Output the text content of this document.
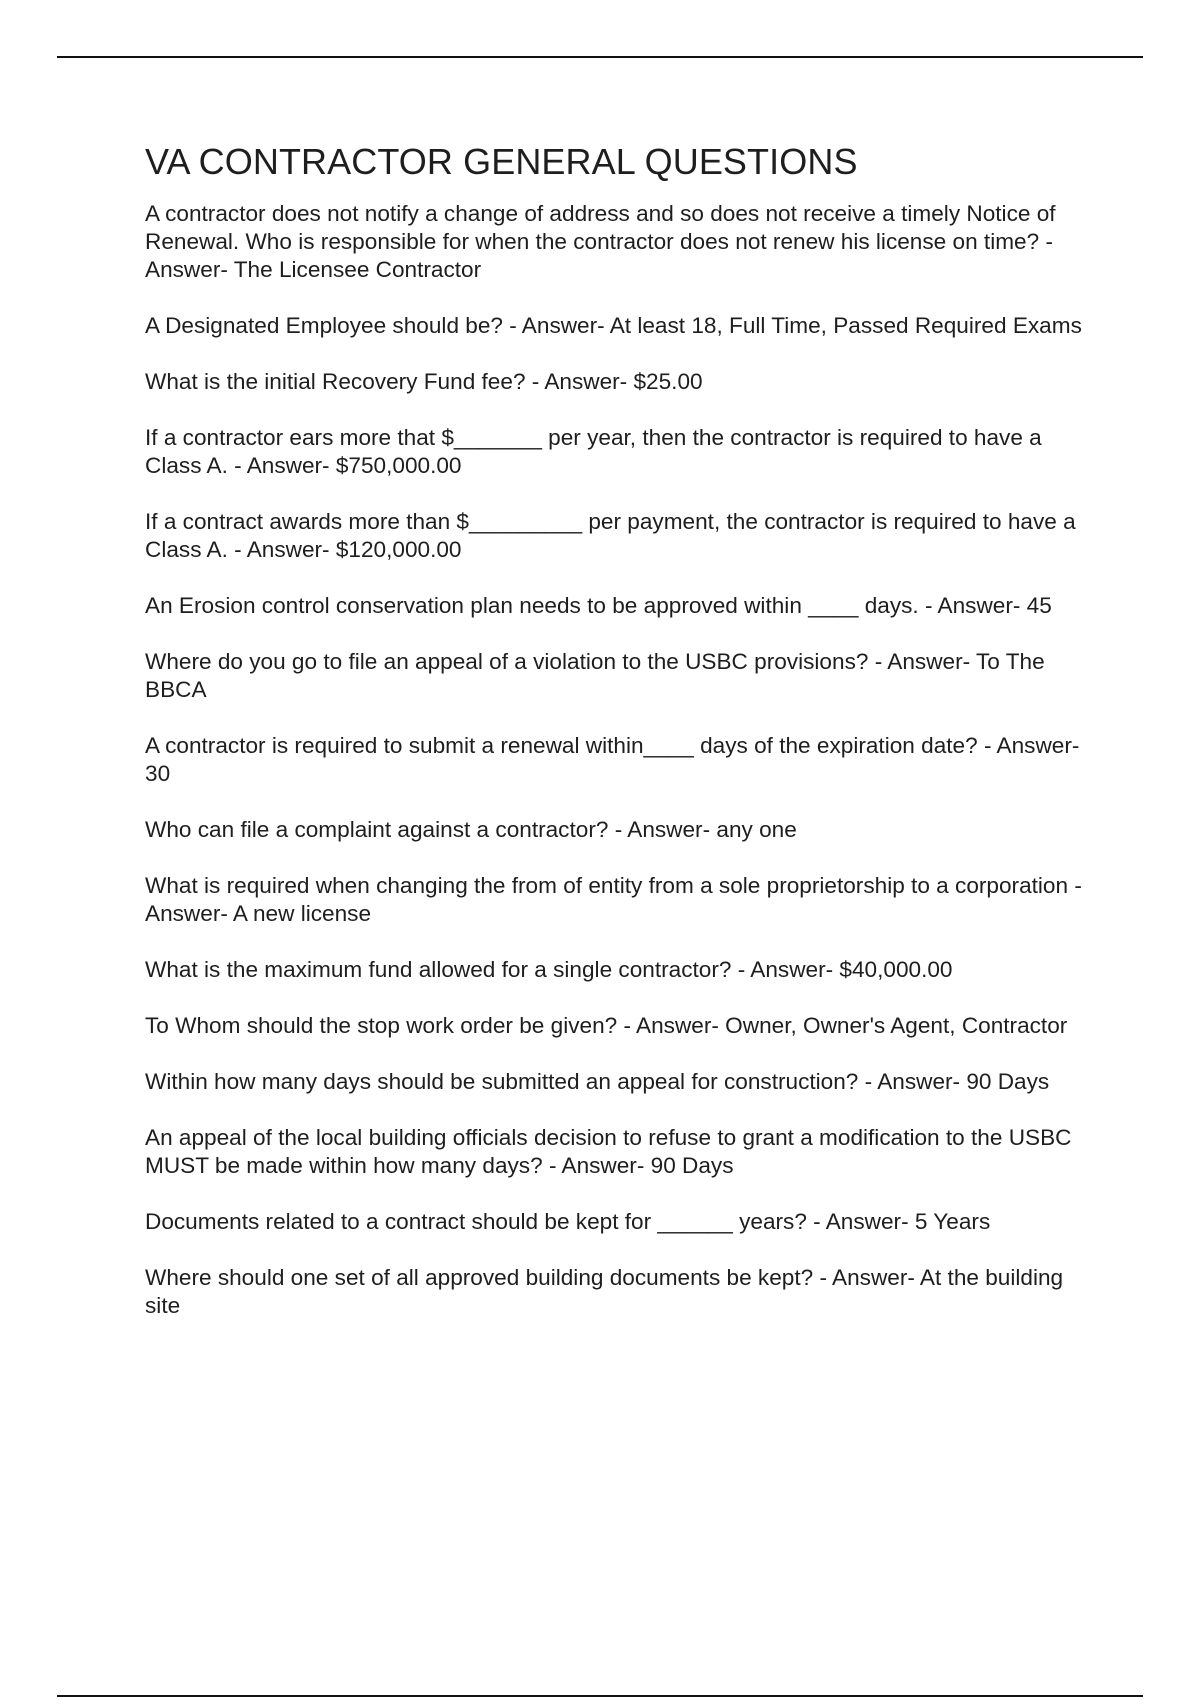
VA CONTRACTOR GENERAL QUESTIONS

A contractor does not notify a change of address and so does not receive a timely Notice of Renewal. Who is responsible for when the contractor does not renew his license on time? - Answer- The Licensee Contractor

A Designated Employee should be? - Answer- At least 18, Full Time, Passed Required Exams

What is the initial Recovery Fund fee? - Answer- $25.00

If a contractor ears more that $_______ per year, then the contractor is required to have a Class A. - Answer- $750,000.00

If a contract awards more than $_________ per payment, the contractor is required to have a Class A. - Answer- $120,000.00

An Erosion control conservation plan needs to be approved within ____ days. - Answer- 45

Where do you go to file an appeal of a violation to the USBC provisions? - Answer- To The BBCA

A contractor is required to submit a renewal within____ days of the expiration date? - Answer- 30

Who can file a complaint against a contractor? - Answer- any one

What is required when changing the from of entity from a sole proprietorship to a corporation - Answer- A new license

What is the maximum fund allowed for a single contractor? - Answer- $40,000.00

To Whom should the stop work order be given? - Answer- Owner, Owner's Agent, Contractor

Within how many days should be submitted an appeal for construction? - Answer- 90 Days

An appeal of the local building officials decision to refuse to grant a modification to the USBC MUST be made within how many days? - Answer- 90 Days

Documents related to a contract should be kept for ______ years? - Answer- 5 Years

Where should one set of all approved building documents be kept? - Answer- At the building site
